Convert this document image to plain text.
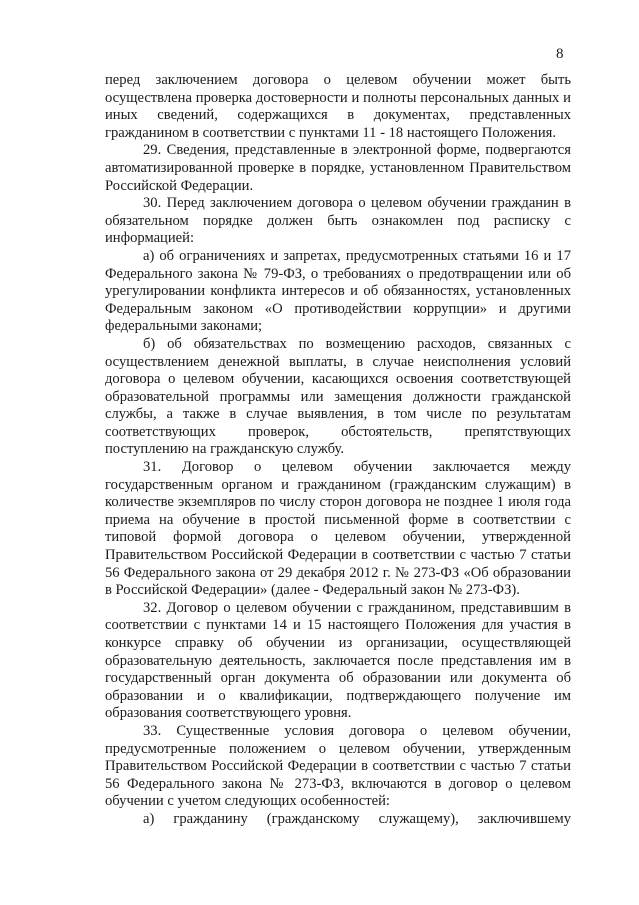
8

перед заключением договора о целевом обучении может быть осуществлена проверка достоверности и полноты персональных данных и иных сведений, содержащихся в документах, представленных гражданином в соответствии с пунктами 11 - 18 настоящего Положения.

29. Сведения, представленные в электронной форме, подвергаются автоматизированной проверке в порядке, установленном Правительством Российской Федерации.

30. Перед заключением договора о целевом обучении гражданин в обязательном порядке должен быть ознакомлен под расписку с информацией:

а) об ограничениях и запретах, предусмотренных статьями 16 и 17 Федерального закона № 79-ФЗ, о требованиях о предотвращении или об урегулировании конфликта интересов и об обязанностях, установленных Федеральным законом «О противодействии коррупции» и другими федеральными законами;

б) об обязательствах по возмещению расходов, связанных с осуществлением денежной выплаты, в случае неисполнения условий договора о целевом обучении, касающихся освоения соответствующей образовательной программы или замещения должности гражданской службы, а также в случае выявления, в том числе по результатам соответствующих проверок, обстоятельств, препятствующих поступлению на гражданскую службу.

31. Договор о целевом обучении заключается между государственным органом и гражданином (гражданским служащим) в количестве экземпляров по числу сторон договора не позднее 1 июля года приема на обучение в простой письменной форме в соответствии с типовой формой договора о целевом обучении, утвержденной Правительством Российской Федерации в соответствии с частью 7 статьи 56 Федерального закона от 29 декабря 2012 г. № 273-ФЗ «Об образовании в Российской Федерации» (далее - Федеральный закон № 273-ФЗ).

32. Договор о целевом обучении с гражданином, представившим в соответствии с пунктами 14 и 15 настоящего Положения для участия в конкурсе справку об обучении из организации, осуществляющей образовательную деятельность, заключается после представления им в государственный орган документа об образовании или документа об образовании и о квалификации, подтверждающего получение им образования соответствующего уровня.

33. Существенные условия договора о целевом обучении, предусмотренные положением о целевом обучении, утвержденным Правительством Российской Федерации в соответствии с частью 7 статьи 56 Федерального закона № 273-ФЗ, включаются в договор о целевом обучении с учетом следующих особенностей:

а) гражданину (гражданскому служащему), заключившему
